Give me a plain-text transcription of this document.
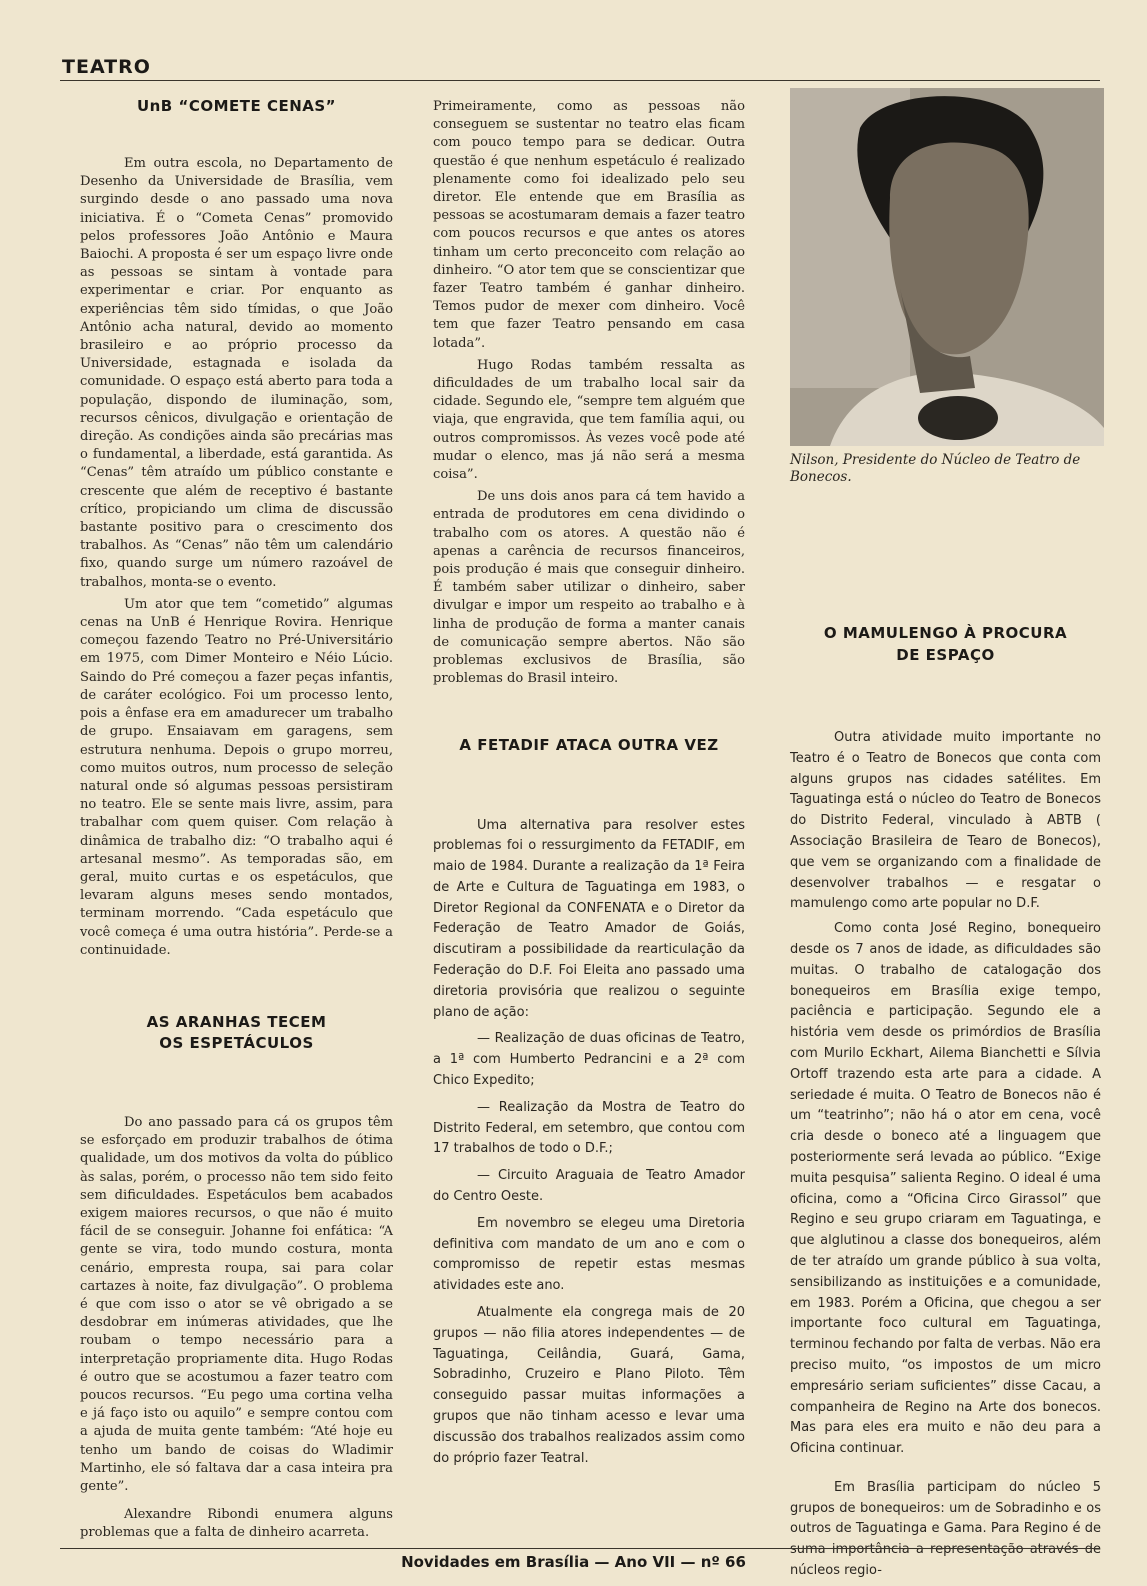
TEATRO
UnB “COMETE CENAS”

Em outra escola, no Departamento de Desenho da Universidade de Brasília, vem surgindo desde o ano passado uma nova iniciativa. É o “Cometa Cenas” promovido pelos professores João Antônio e Maura Baiochi. A proposta é ser um espaço livre onde as pessoas se sintam à vontade para experimentar e criar. Por enquanto as experiências têm sido tímidas, o que João Antônio acha natural, devido ao momento brasileiro e ao próprio processo da Universidade, estagnada e isolada da comunidade. O espaço está aberto para toda a população, dispondo de iluminação, som, recursos cênicos, divulgação e orientação de direção. As condições ainda são precárias mas o fundamental, a liberdade, está garantida. As “Cenas” têm atraído um público constante e crescente que além de receptivo é bastante crítico, propiciando um clima de discussão bastante positivo para o crescimento dos trabalhos. As “Cenas” não têm um calendário fixo, quando surge um número razoável de trabalhos, monta-se o evento.

Um ator que tem “cometido” algumas cenas na UnB é Henrique Rovira. Henrique começou fazendo Teatro no Pré-Universitário em 1975, com Dimer Monteiro e Néio Lúcio. Saindo do Pré começou a fazer peças infantis, de caráter ecológico. Foi um processo lento, pois a ênfase era em amadurecer um trabalho de grupo. Ensaiavam em garagens, sem estrutura nenhuma. Depois o grupo morreu, como muitos outros, num processo de seleção natural onde só algumas pessoas persistiram no teatro. Ele se sente mais livre, assim, para trabalhar com quem quiser. Com relação à dinâmica de trabalho diz: “O trabalho aqui é artesanal mesmo”. As temporadas são, em geral, muito curtas e os espetáculos, que levaram alguns meses sendo montados, terminam morrendo. “Cada espetáculo que você começa é uma outra história”. Perde-se a continuidade.

AS ARANHAS TECEM OS ESPETÁCULOS

Do ano passado para cá os grupos têm se esforçado em produzir trabalhos de ótima qualidade, um dos motivos da volta do público às salas, porém, o processo não tem sido feito sem dificuldades. Espetáculos bem acabados exigem maiores recursos, o que não é muito fácil de se conseguir. Johanne foi enfática: “A gente se vira, todo mundo costura, monta cenário, empresta roupa, sai para colar cartazes à noite, faz divulgação”. O problema é que com isso o ator se vê obrigado a se desdobrar em inúmeras atividades, que lhe roubam o tempo necessário para a interpretação propriamente dita. Hugo Rodas é outro que se acostumou a fazer teatro com poucos recursos. “Eu pego uma cortina velha e já faço isto ou aquilo” e sempre contou com a ajuda de muita gente também: “Até hoje eu tenho um bando de coisas do Wladimir Martinho, ele só faltava dar a casa inteira pra gente”.

Alexandre Ribondi enumera alguns problemas que a falta de dinheiro acarreta.

Primeiramente, como as pessoas não conseguem se sustentar no teatro elas ficam com pouco tempo para se dedicar. Outra questão é que nenhum espetáculo é realizado plenamente como foi idealizado pelo seu diretor. Ele entende que em Brasília as pessoas se acostumaram demais a fazer teatro com poucos recursos e que antes os atores tinham um certo preconceito com relação ao dinheiro. “O ator tem que se conscientizar que fazer Teatro também é ganhar dinheiro. Temos pudor de mexer com dinheiro. Você tem que fazer Teatro pensando em casa lotada”.

Hugo Rodas também ressalta as dificuldades de um trabalho local sair da cidade. Segundo ele, “sempre tem alguém que viaja, que engravida, que tem família aqui, ou outros compromissos. Às vezes você pode até mudar o elenco, mas já não será a mesma coisa”.

De uns dois anos para cá tem havido a entrada de produtores em cena dividindo o trabalho com os atores. A questão não é apenas a carência de recursos financeiros, pois produção é mais que conseguir dinheiro. É também saber utilizar o dinheiro, saber divulgar e impor um respeito ao trabalho e à linha de produção de forma a manter canais de comunicação sempre abertos. Não são problemas exclusivos de Brasília, são problemas do Brasil inteiro.

A FETADIF ATACA OUTRA VEZ

Uma alternativa para resolver estes problemas foi o ressurgimento da FETADIF, em maio de 1984. Durante a realização da 1ª Feira de Arte e Cultura de Taguatinga em 1983, o Diretor Regional da CONFENATA e o Diretor da Federação de Teatro Amador de Goiás, discutiram a possibilidade da rearticulação da Federação do D.F. Foi Eleita ano passado uma diretoria provisória que realizou o seguinte plano de ação:

— Realização de duas oficinas de Teatro, a 1ª com Humberto Pedrancini e a 2ª com Chico Expedito;

— Realização da Mostra de Teatro do Distrito Federal, em setembro, que contou com 17 trabalhos de todo o D.F.;

— Circuito Araguaia de Teatro Amador do Centro Oeste.

Em novembro se elegeu uma Diretoria definitiva com mandato de um ano e com o compromisso de repetir estas mesmas atividades este ano.

Atualmente ela congrega mais de 20 grupos — não filia atores independentes — de Taguatinga, Ceilândia, Guará, Gama, Sobradinho, Cruzeiro e Plano Piloto. Têm conseguido passar muitas informações a grupos que não tinham acesso e levar uma discussão dos trabalhos realizados assim como do próprio fazer Teatral.

Nilson, Presidente do Núcleo de Teatro de Bonecos.
O MAMULENGO À PROCURA DE ESPAÇO

Outra atividade muito importante no Teatro é o Teatro de Bonecos que conta com alguns grupos nas cidades satélites. Em Taguatinga está o núcleo do Teatro de Bonecos do Distrito Federal, vinculado à ABTB ( Associação Brasileira de Tearo de Bonecos), que vem se organizando com a finalidade de desenvolver trabalhos — e resgatar o mamulengo como arte popular no D.F.

Como conta José Regino, bonequeiro desde os 7 anos de idade, as dificuldades são muitas. O trabalho de catalogação dos bonequeiros em Brasília exige tempo, paciência e participação. Segundo ele a história vem desde os primórdios de Brasília com Murilo Eckhart, Ailema Bianchetti e Sílvia Ortoff trazendo esta arte para a cidade. A seriedade é muita. O Teatro de Bonecos não é um “teatrinho”; não há o ator em cena, você cria desde o boneco até a linguagem que posteriormente será levada ao público. “Exige muita pesquisa” salienta Regino. O ideal é uma oficina, como a “Oficina Circo Girassol” que Regino e seu grupo criaram em Taguatinga, e que alglutinou a classe dos bonequeiros, além de ter atraído um grande público à sua volta, sensibilizando as instituições e a comunidade, em 1983. Porém a Oficina, que chegou a ser importante foco cultural em Taguatinga, terminou fechando por falta de verbas. Não era preciso muito, “os impostos de um micro empresário seriam suficientes” disse Cacau, a companheira de Regino na Arte dos bonecos. Mas para eles era muito e não deu para a Oficina continuar.

Em Brasília participam do núcleo 5 grupos de bonequeiros: um de Sobradinho e os outros de Taguatinga e Gama. Para Regino é de suma importância a representação através de núcleos regio-

Novidades em Brasília — Ano VII — nº 66
